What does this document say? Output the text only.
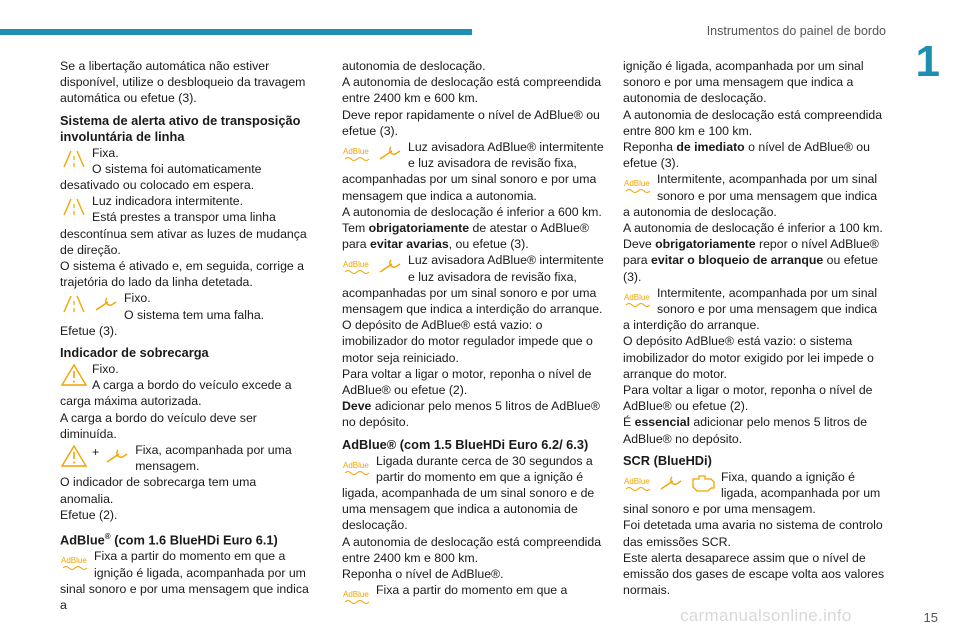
Instrumentos do painel de bordo
1

Se a libertação automática não estiver disponível, utilize o desbloqueio da travagem automática ou efetue (3).

Sistema de alerta ativo de transposição involuntária de linha

Fixa.

O sistema foi automaticamente desativado ou colocado em espera.

Luz indicadora intermitente.

Está prestes a transpor uma linha descontínua sem ativar as luzes de mudança de direção.

O sistema é ativado e, em seguida, corrige a trajetória do lado da linha detetada.

Fixo.

O sistema tem uma falha.

Efetue (3).

Indicador de sobrecarga

Fixo.

A carga a bordo do veículo excede a carga máxima autorizada.

A carga a bordo do veículo deve ser diminuída.

+	Fixa, acompanhada por uma mensagem.

O indicador de sobrecarga tem uma anomalia.

Efetue (2).

AdBlue® (com 1.6 BlueHDi Euro 6.1)

AdBlue Fixa a partir do momento em que a ignição é ligada, acompanhada por um sinal sonoro e por uma mensagem que indica a

autonomia de deslocação.

A autonomia de deslocação está compreendida entre 2400 km e 600 km.

Deve repor rapidamente o nível de AdBlue® ou efetue (3).

AdBlue	Luz avisadora AdBlue® intermitente e luz avisadora de revisão fixa, acompanhadas por um sinal sonoro e por uma mensagem que indica a autonomia.

A autonomia de deslocação é inferior a 600 km.

Tem obrigatoriamente de atestar o AdBlue® para evitar avarias, ou efetue (3).

AdBlue	Luz avisadora AdBlue® intermitente e luz avisadora de revisão fixa, acompanhadas por um sinal sonoro e por uma mensagem que indica a interdição do arranque.

O depósito de AdBlue® está vazio: o imobilizador do motor regulador impede que o motor seja reiniciado.

Para voltar a ligar o motor, reponha o nível de AdBlue® ou efetue (2).

Deve adicionar pelo menos 5 litros de AdBlue® no depósito.

AdBlue® (com 1.5 BlueHDi Euro 6.2/ 6.3)

AdBlue Ligada durante cerca de 30 segundos a partir do momento em que a ignição é ligada, acompanhada de um sinal sonoro e de uma mensagem que indica a autonomia de deslocação.

A autonomia de deslocação está compreendida entre 2400 km e 800 km.

Reponha o nível de AdBlue®.

AdBlue Fixa a partir do momento em que a

ignição é ligada, acompanhada por um sinal sonoro e por uma mensagem que indica a autonomia de deslocação.

A autonomia de deslocação está compreendida entre 800 km e 100 km.

Reponha de imediato o nível de AdBlue® ou efetue (3).

AdBlue Intermitente, acompanhada por um sinal sonoro e por uma mensagem que indica a autonomia de deslocação.

A autonomia de deslocação é inferior a 100 km.

Deve obrigatoriamente repor o nível AdBlue® para evitar o bloqueio de arranque ou efetue (3).

AdBlue Intermitente, acompanhada por um sinal sonoro e por uma mensagem que indica a interdição do arranque.

O depósito AdBlue® está vazio: o sistema imobilizador do motor exigido por lei impede o arranque do motor.

Para voltar a ligar o motor, reponha o nível de AdBlue® ou efetue (2).

É essencial adicionar pelo menos 5 litros de AdBlue® no depósito.

SCR (BlueHDi)

AdBlue	Fixa, quando a ignição é ligada, acompanhada por um sinal sonoro e por uma mensagem.

Foi detetada uma avaria no sistema de controlo das emissões SCR.

Este alerta desaparece assim que o nível de emissão dos gases de escape volta aos valores normais.

carmanualsonline.info	15
